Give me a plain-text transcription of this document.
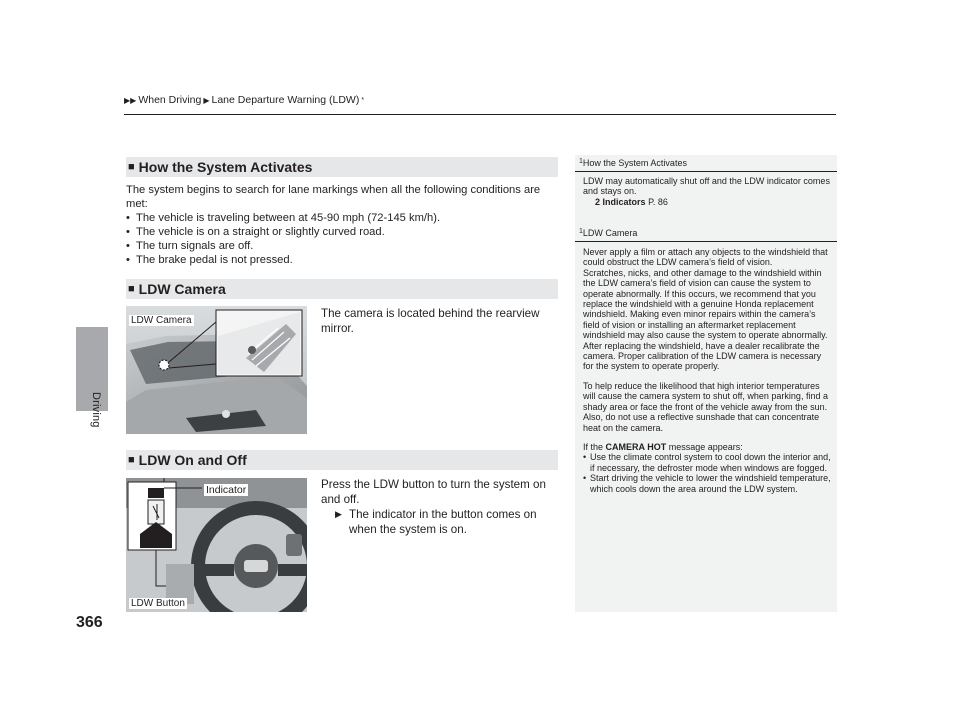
Driving
▶▶ When Driving ▶ Lane Departure Warning (LDW) *
■ How the System Activates
The system begins to search for lane markings when all the following conditions are met:
• The vehicle is traveling between at 45-90 mph (72-145 km/h).
• The vehicle is on a straight or slightly curved road.
• The turn signals are off.
• The brake pedal is not pressed.
■ LDW Camera
LDW Camera
The camera is located behind the rearview mirror.
■ LDW On and Off
Indicator
LDW Button
Press the LDW button to turn the system on and off.
▶ The indicator in the button comes on when the system is on.
$^1$How the System Activates
LDW may automatically shut off and the LDW indicator comes and stays on.
2 Indicators P. 86
$^1$LDW Camera
Never apply a film or attach any objects to the windshield that could obstruct the LDW camera’s field of vision.

Scratches, nicks, and other damage to the windshield within the LDW camera’s field of vision can cause the system to operate abnormally. If this occurs, we recommend that you replace the windshield with a genuine Honda replacement windshield. Making even minor repairs within the camera’s field of vision or installing an aftermarket replacement windshield may also cause the system to operate abnormally. After replacing the windshield, have a dealer recalibrate the camera. Proper calibration of the LDW camera is necessary for the system to operate properly.

To help reduce the likelihood that high interior temperatures will cause the camera system to shut off, when parking, find a shady area or face the front of the vehicle away from the sun. Also, do not use a reflective sunshade that can concentrate heat on the camera.

If the CAMERA HOT message appears:
• Use the climate control system to cool down the interior and, if necessary, the defroster mode when windows are fogged.
• Start driving the vehicle to lower the windshield temperature, which cools down the area around the LDW system.
366
